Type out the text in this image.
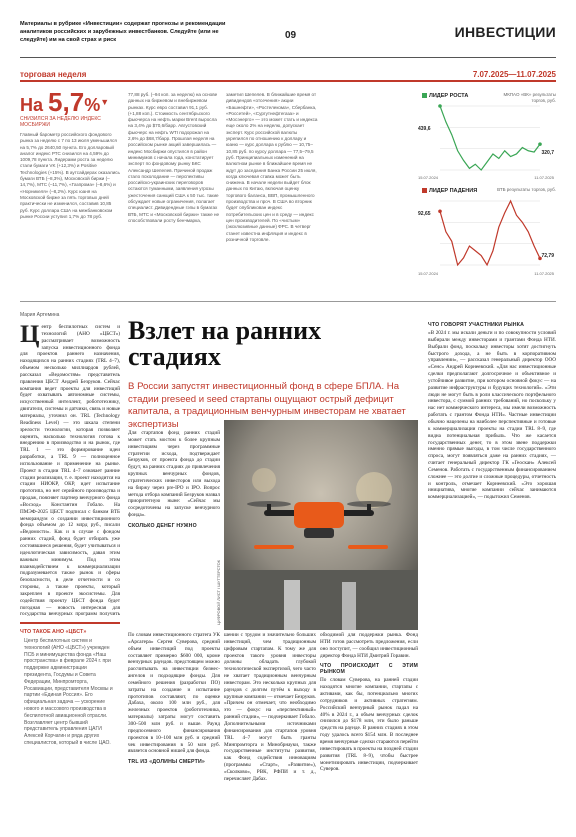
Материалы в рубрике «Инвестиции» содержат прогнозы и рекомендации аналитиков российских и зарубежных инвестбанков. Следуйте (или не следуйте) им на свой страх и риск	09	ИНВЕСТИЦИИ
торговая неделя	7.07.2025—11.07.2025
На 5,7%▼
СНИЗИЛСЯ ЗА НЕДЕЛЮ ИНДЕКС МОСБИРЖИ
Главный барометр российского фондового рынка за неделю с 7 по 13 июля уменьшился на 5,7% до 2640,50 пункта. Его долларовый аналог индекс РТС снизился на 4,59% до 1009,78 пункта. Лидерами роста за неделю стали бумаги VK (+12,3%) и Positive Technologies (+15%). В аутсайдерах оказались бумаги ВТБ (–8,3%), Московской биржи (–14,7%), МТС (–11,7%), «Газпрома» (–8,6%) и «Норникеля» (–8,2%). Курс юаня на Московской бирже за пять торговых дней практически не изменился, составив 10,85 руб. Курс доллара США на межбанковском рынке России уступил 1,7% до 78 руб.
77,88 руб. (–94 коп. за неделю) на основе данных на биржевом и внебиржевом рынках. Курс евро составил 91,1 руб. (+1,88 коп.). Стоимость сентябрьского фьючерса на нефть марки Brent выросла на 3,4% до $70,6/барр. Августовский фьючерс на нефть WTI подорожал на 2,6% до $68,7/барр. Прошлая неделя на российском рынке акций завершилась — индекс Мосбиржи опустился в район минимумов с начала года, констатирует эксперт по фондовому рынку БКС Александр Шепелев. Причиной продаж стало похолодание — перспективы российско-украинских переговоров остаются туманными, заявления угрозы ужесточения санкций США к 50 тыс. такие обсуждает новые ограничения, полагает специалист. Дивидендные гэпы в бумагах ВТБ, МТС и «Московской биржи» также не способствовали росту бенчмарка,
заметил Шепелев. В ближайшие время от дивидендов «отсечения» акции «Башнефти», «Ростелекома», Сбербанка, «Россетей», «Сургутнефтегаза» и «Мосэнерго» — это может стать и индекса еще около 2% на неделю, допускает эксперт. Курс российской валюты укрепился по отношению к доллару и юаню — курс доллара к рублю — 10,75–10,85 руб. по курсу доллара — 77,5–79,5 руб. Принципиальных изменений на валютном рынке в ближайшее время не ждут до заседания Банка России 25 июля, когда ключевая ставка может быть снижена. В начале недели выйдет блок данных по Китаю, включая оценку торгового баланса, ВВП, промышленного производства и проч. В США во вторник будет опубликован индекс потребительских цен и в среду — индекс цен производителей. По «чистым» (эксклюзивные данные) ФРС. В четверг станет известна инфляция и индекс в розничной торговле.
ЛИДЕР РОСТА	МКПАО «ВК» результаты торгов, руб.
439,6
320,7
15.07.2024	11.07.2025
ЛИДЕР ПАДЕНИЯ	ВТБ результаты торгов, руб.
92,65
72,79
15.07.2024	11.07.2025
Мария Артемина
Центр беспилотных систем и технологий (АНО «ЦБСТ») рассматривает возможность запуска инвестиционного фонда для проектов раннего назначения, находящихся на ранних стадиях (TRL 4–7), объемом несколько миллиардов рублей, рассказал «Ведомостям» представитель правления ЦБСТ Андрей Безруков. Сейчас компания ведет проекты для инвестиций будет охватывать автономные системы, искусственный интеллект, робототехнику, двигатели, системы и датчики, связь и новые материалы, уточнил он. TRL (Technology Readiness Level) — это шкала степени зрелости технологии, которая позволяет оценить, насколько технология готова к внедрению в производство и на рынок, где TRL 1 — это формирование идеи разработки, а TRL 9 — полноценное использование и применение на рынке. Проект в стадии TRL 4–7 означает ранние стадии реализации, т. е. проект находится на стадии НИОКР, ОКР, идет испытание прототипа, но нет серийного производства и продаж, поясняет партнер венчурного фонда «Восход» Константин Гобало. На ПМЭФ-2025 ЦБСТ подписал с банком ВТБ меморандум о создании инвестиционного фонда объемом до 12 млрд руб., писали «Ведомости». Как и в случае с фондом ранних стадий, фонд будет отбирать уже состоявшиеся решения, будет учитываться и идеологическая зависимость, давая этим важным минимум. Под этим взаимодействием к коммерциализации подразумевается также рынок и сферы безопасности, в деле отчетности и со стороны, а также проекты, который закреплен в проекте экосистемы. Для содействия проекту ЦБСТ фонда будет погодная — новость интересная для государства венчурных программ получить
ЧТО ТАКОЕ АНО «ЦБСТ»
Центр беспилотных систем и технологий (АНО «ЦБСТ») учрежден ПСБ и минимущества фонда «Наш пространства» в феврале 2024 г. при поддержке администрации президента, Госдумы и Совета Федерации, Минпромторга, Росавиации, представителя Москвы и партии «Единая Россия». Его официальная задача — ускорение нового и массового производства в беспилотной авиационной отрасли. Возглавляет центр бывший представитель управления ЦАГИ Алексей Корчагин и ряда других специалистов, который в числе ЦАО.
Взлет на ранних стадиях
В России запустят инвестиционный фонд в сфере БПЛА. На стадии preseed и seed стартапы ощущают острый дефицит капитала, а традиционным венчурным инвесторам не хватает экспертизы
ЦИФРОВОЙ ЛИСТ / ШУТТЕРСТОК
Для стартапов фонд ранних стадий может стать мостом к более крупным инвестициям через программные стратегии исхода, подтверждает Безруков, от проекта фонда до стадии будут, на ранних стадиях до привлечения крупных венчурных фондов, стратегических инвесторов или выхода на биржу через pre-IPO и IPO. Вопрос метода отбора компаний Безруков назвал приоритетную ныне: «Сейчас мы сосредоточены на запуске венчурного фонда».
СКОЛЬКО ДЕНЕГ НУЖНО
По словам инвестиционного стратега УК «Арсагера» Сергея Суверова, средний объем инвестиций под проекты составляет примерно $600 000, кроме венчурных раундов. предстоящем можно рассчитывать на инвестиции бизнес-ангелов и подходящие фонды. Для семейного решения (разработки ПО) затраты на создание и испытание прототипов составляют, по оценке Дабаха, около 100 млн руб., для железных проектов (робототехника, материалы) затраты могут составить 300–500 млн руб. и выше. Раунд предпосевного финансирования проектов в 10–100 млн руб. и средний чек инвестирования в 50 млн руб. является основной нишей для фонда.
TRL ИЗ «ДОЛИНЫ СМЕРТИ»
шении с трудом и значительно больших инвестиций, чем традиционным цифровым стартапам. К тому же для проектов такого уровня инвесторы должны обладать глубокой технологической экспертизой, чего часто не хватает традиционным венчурным инвесторам. Это несколько крупных для раундов с долгим путём к выходу в крупные компании — отмечает Безруков. «Причем он отмечает, что необходимо это — фокус на «перспективный» ранний стадии», — подчеркивает Гобало. Дополнительными источниками финансирования для стартапов уровня TRL 4–7 могут быть гранты Минпромторга и Минобрнауки, также государственные институты развития, как Фонд содействия инновациям (программы «Старт», «Развитие»), «Сколково», РВК, РФПИ и т. д., перечисляет Дабах.
обходимой для поддержки рынка. Фонд НТИ готов рассмотреть предложения, если оно поступит, — сообщил инвестиционный директор Фонда НТИ Дмитрий Горавин.
ЧТО ПРОИСХОДИТ С ЭТИМ РЫНКОМ
По словам Суверова, на ранней стадии находятся многие компании, стартапы с активами, как бы, потенциально многих сотрудников и активных стратегиям. Российский венчурный рынок падал на 40% в 2024 г., а объем венчурных сделок снизился до $178 млн, эти было раньше средств на раунде. В ранних стадиях в этом году удалось всего $154 млн. В последнее время венчурные сделки стараются перейти инвестировать в проекты на поздней стадии развития (TRL 8–9), чтобы быстрее монетизировать инвестиции, подчеркивает Суверов.
ЧТО ГОВОРЯТ УЧАСТНИКИ РЫНКА
«В 2024 г. мы искали деньги и по совокупности условий выбирали между инвесторами и грантами Фонда НТИ. Выбрали фонд, поскольку инвесторы хотят достигнуть быстрого дохода, а не быть в корпоративном управлении», — рассказал генеральный директор ООО «Сенс» Андрей Корнеевский. «Для нас инвестиционные сделки предполагают долгосрочное и объективное и устойчивое развитие, при котором основной фокус — на развитие инфраструктуры и будущих технологий». «Эти люди не могут быть в роли классического портфельного инвестора, с суммой ранних требований, но поскольку у нас нет коммерческого интереса, мы имели возможность работать с грантом Фонда НТИ». Частные инвестиции обычно нацелены на наиболее перспективные и готовые к коммерциализации проекты на стадии TRL 8–9, где видна потенциальная прибыль. Что же касается государственных денег, то в этом звене поддержки именно прямые выгоды, в том числе государственного спроса, могут появляться даже на ранних стадиях, — считает генеральный директор ГК «Геоскан» Алексей Семенов. Работать с государственным финансированием сложнее — это долгие и сложные процедуры, отчетность и контроль, отмечает Корнеевский. «Это хорошая инициатива, многие компании сейчас занимаются коммерциализацией», — подытожил Семенов.
